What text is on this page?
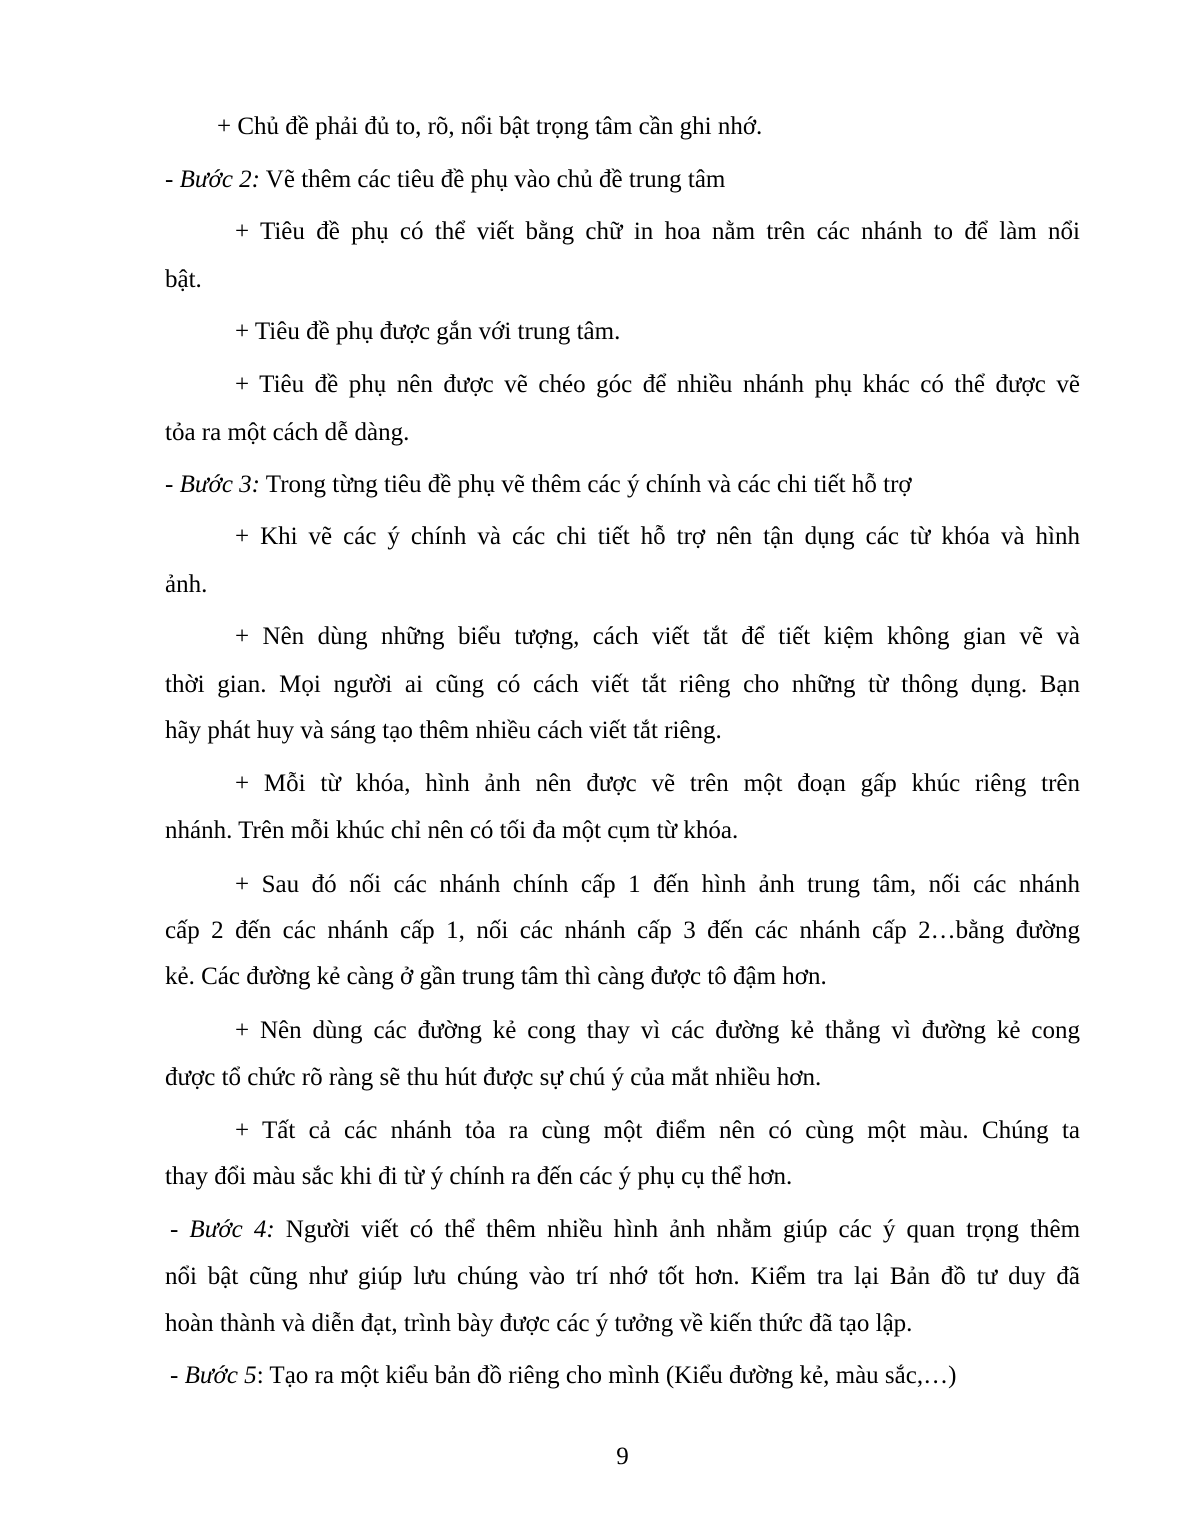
+ Chủ đề phải đủ to, rõ, nổi bật trọng tâm cần ghi nhớ.
- Bước 2: Vẽ thêm các tiêu đề phụ vào chủ đề trung tâm
+ Tiêu đề phụ có thể viết bằng chữ in hoa nằm trên các nhánh to để làm nổi
bật.
+ Tiêu đề phụ được gắn với trung tâm.
+ Tiêu đề phụ nên được vẽ chéo góc để nhiều nhánh phụ khác có thể được vẽ
tỏa ra một cách dễ dàng.
- Bước 3: Trong từng tiêu đề phụ vẽ thêm các ý chính và các chi tiết hỗ trợ
+ Khi vẽ các ý chính và các chi tiết hỗ trợ nên tận dụng các từ khóa và hình
ảnh.
+ Nên dùng những biểu tượng, cách viết tắt để tiết kiệm không gian vẽ và
thời gian. Mọi người ai cũng có cách viết tắt riêng cho những từ thông dụng. Bạn
hãy phát huy và sáng tạo thêm nhiều cách viết tắt riêng.
+ Mỗi từ khóa, hình ảnh nên được vẽ trên một đoạn gấp khúc riêng trên
nhánh. Trên mỗi khúc chỉ nên có tối đa một cụm từ khóa.
+ Sau đó nối các nhánh chính cấp 1 đến hình ảnh trung tâm, nối các nhánh
cấp 2 đến các nhánh cấp 1, nối các nhánh cấp 3 đến các nhánh cấp 2…bằng đường
kẻ. Các đường kẻ càng ở gần trung tâm thì càng được tô đậm hơn.
+ Nên dùng các đường kẻ cong thay vì các đường kẻ thẳng vì đường kẻ cong
được tổ chức rõ ràng sẽ thu hút được sự chú ý của mắt nhiều hơn.
+ Tất cả các nhánh tỏa ra cùng một điểm nên có cùng một màu. Chúng ta
thay đổi màu sắc khi đi từ ý chính ra đến các ý phụ cụ thể hơn.
- Bước 4: Người viết có thể thêm nhiều hình ảnh nhằm giúp các ý quan trọng thêm
nổi bật cũng như giúp lưu chúng vào trí nhớ tốt hơn. Kiểm tra lại Bản đồ tư duy đã
hoàn thành và diễn đạt, trình bày được các ý tưởng về kiến thức đã tạo lập.
- Bước 5: Tạo ra một kiểu bản đồ riêng cho mình (Kiểu đường kẻ, màu sắc,…)
9
